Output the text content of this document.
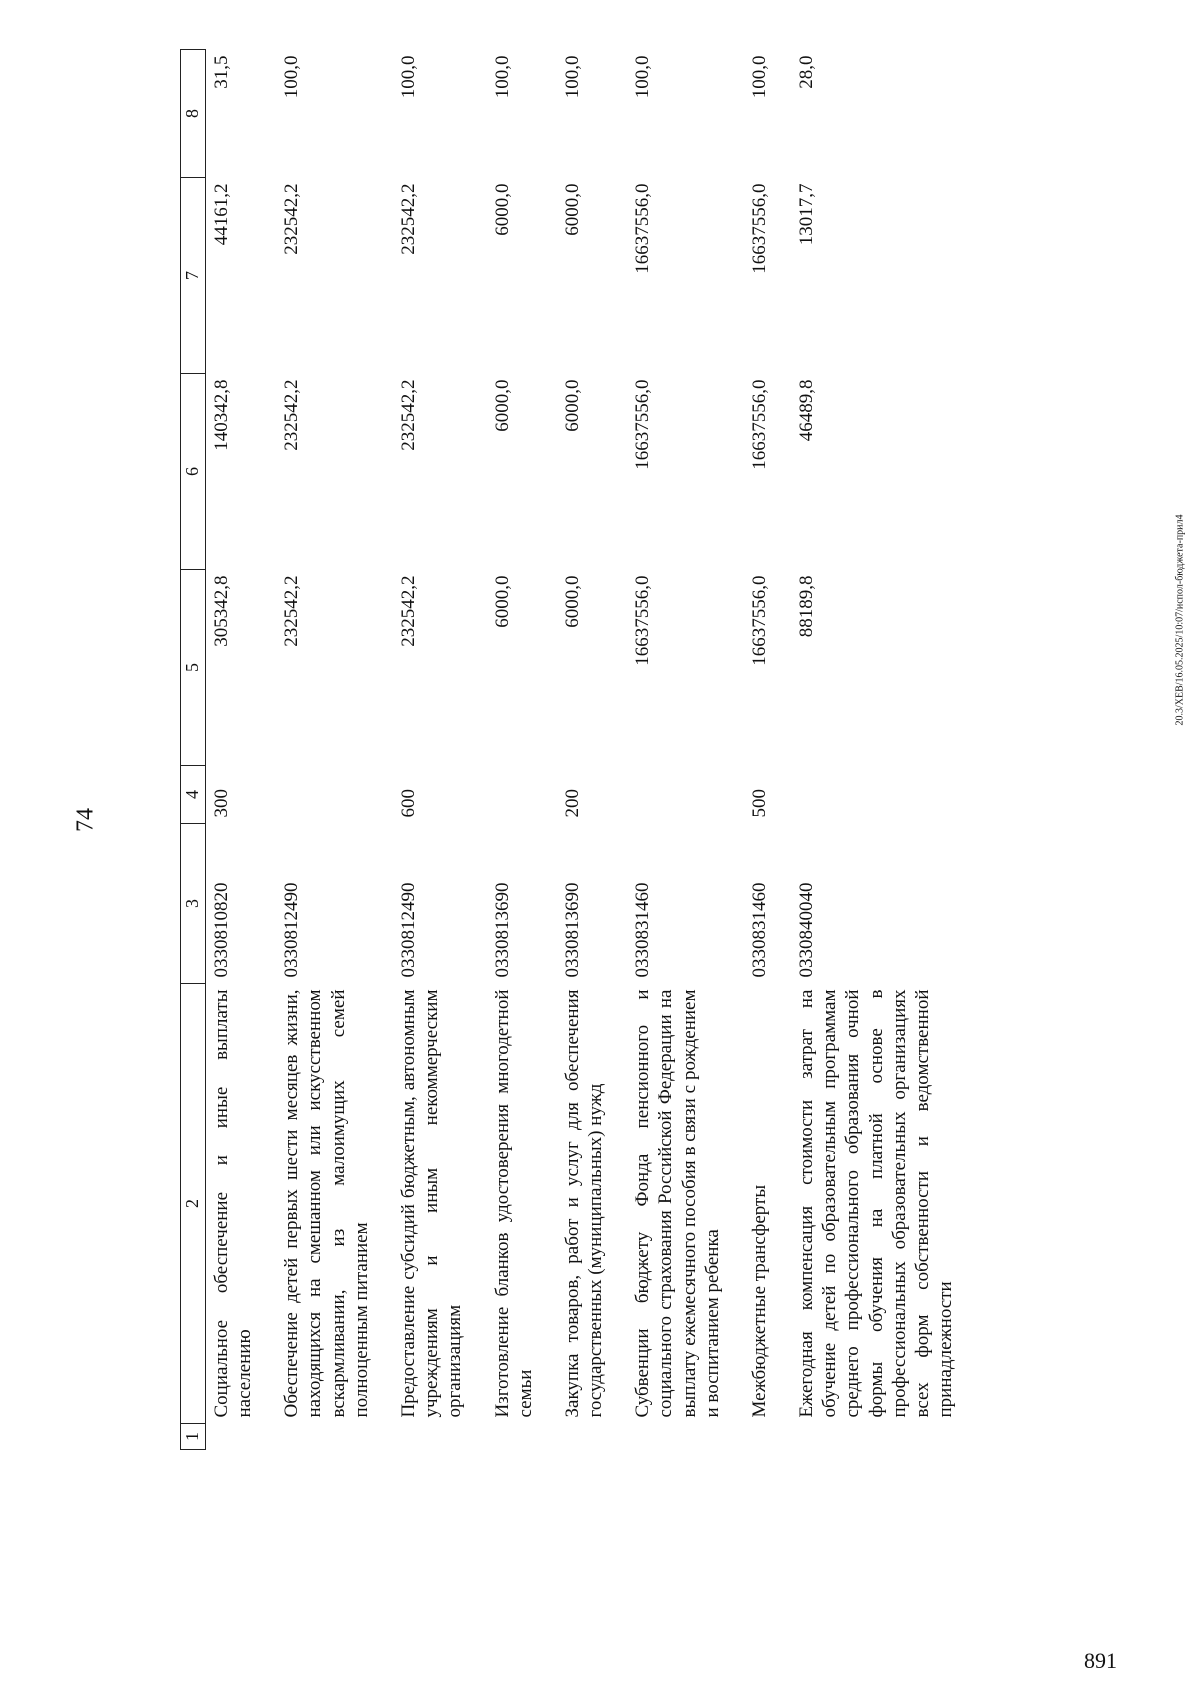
74
1	2	3	4	5	6	7	8
	Социальное обеспечение и иные выплаты населению	0330810820	300	305342,8	140342,8	44161,2	31,5
	Обеспечение детей первых шести месяцев жизни, находящихся на смешанном или искусственном вскармливании, из малоимущих семей полноценным питанием	0330812490		232542,2	232542,2	232542,2	100,0
	Предоставление субсидий бюджетным, автономным учреждениям и иным некоммерческим организациям	0330812490	600	232542,2	232542,2	232542,2	100,0
	Изготовление бланков удостоверения многодетной семьи	0330813690		6000,0	6000,0	6000,0	100,0
	Закупка товаров, работ и услуг для обеспечения государственных (муниципальных) нужд	0330813690	200	6000,0	6000,0	6000,0	100,0
	Субвенции бюджету Фонда пенсионного и социального страхования Российской Федерации на выплату ежемесячного пособия в связи с рождением и воспитанием ребенка	0330831460		16637556,0	16637556,0	16637556,0	100,0
	Межбюджетные трансферты	0330831460	500	16637556,0	16637556,0	16637556,0	100,0
	Ежегодная компенсация стоимости затрат на обучение детей по образовательным программам среднего профессионального образования очной формы обучения на платной основе в профессиональных образовательных организациях всех форм собственности и ведомственной принадлежности	0330840040		88189,8	46489,8	13017,7	28,0
20.3/ХЕВ/16.05.2025/10:07/испол-бюджета-прил4
891
